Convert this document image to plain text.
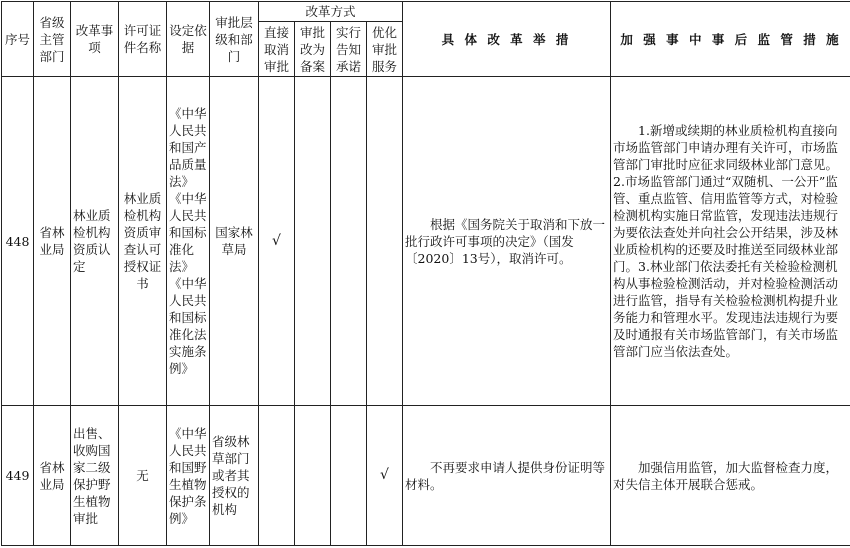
序号	省级主管部门	改革事项	许可证件名称	设定依据	审批层级和部门	改革方式				具 体 改 革 举 措	加 强 事 中 事 后 监 管 措 施
						直接取消审批	审批改为备案	实行告知承诺	优化审批服务		
448	省林业局	林业质检机构资质认定	林业质检机构资质审查认可授权证书	《中华人民共和国产品质量法》《中华人民共和国标准化法》《中华人民共和国标准化法实施条例》	国家林草局	√				根据《国务院关于取消和下放一批行政许可事项的决定》（国发〔2020〕13号），取消许可。	1.新增或续期的林业质检机构直接向市场监管部门申请办理有关许可，市场监管部门审批时应征求同级林业部门意见。2.市场监管部门通过“双随机、一公开”监管、重点监管、信用监管等方式，对检验检测机构实施日常监管，发现违法违规行为要依法查处并向社会公开结果，涉及林业质检机构的还要及时推送至同级林业部门。3.林业部门依法委托有关检验检测机构从事检验检测活动，并对检验检测活动进行监管，指导有关检验检测机构提升业务能力和管理水平。发现违法违规行为要及时通报有关市场监管部门，有关市场监管部门应当依法查处。
449	省林业局	出售、收购国家二级保护野生植物审批	无	《中华人民共和国野生植物保护条例》	省级林草部门或者其授权的机构				√	不再要求申请人提供身份证明等材料。	加强信用监管，加大监督检查力度，对失信主体开展联合惩戒。
